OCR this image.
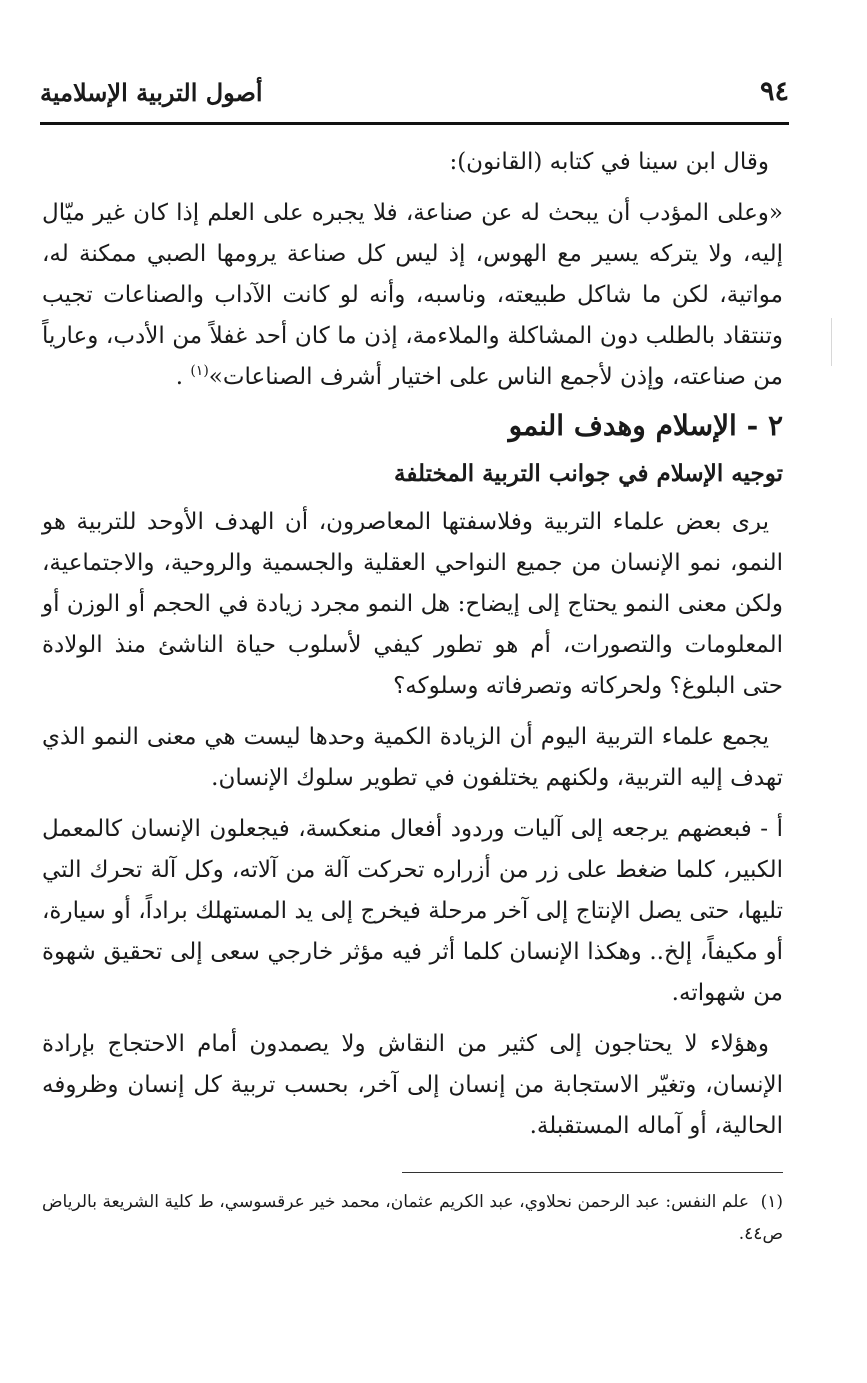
٩٤
أصول التربية الإسلامية

وقال ابن سينا في كتابه (القانون):

«وعلى المؤدب أن يبحث له عن صناعة، فلا يجبره على العلم إذا كان غير ميّال إليه، ولا يتركه يسير مع الهوس، إذ ليس كل صناعة يرومها الصبي ممكنة له، مواتية، لكن ما شاكل طبيعته، وناسبه، وأنه لو كانت الآداب والصناعات تجيب وتنتقاد بالطلب دون المشاكلة والملاءمة، إذن ما كان أحد غفلاً من الأدب، وعارياً من صناعته، وإذن لأجمع الناس على اختيار أشرف الصناعات»$^{(١)}$ .

٢ - الإسلام وهدف النمو
توجيه الإسلام في جوانب التربية المختلفة

يرى بعض علماء التربية وفلاسفتها المعاصرون، أن الهدف الأوحد للتربية هو النمو، نمو الإنسان من جميع النواحي العقلية والجسمية والروحية، والاجتماعية، ولكن معنى النمو يحتاج إلى إيضاح: هل النمو مجرد زيادة في الحجم أو الوزن أو المعلومات والتصورات، أم هو تطور كيفي لأسلوب حياة الناشئ منذ الولادة حتى البلوغ؟ ولحركاته وتصرفاته وسلوكه؟

يجمع علماء التربية اليوم أن الزيادة الكمية وحدها ليست هي معنى النمو الذي تهدف إليه التربية، ولكنهم يختلفون في تطوير سلوك الإنسان.

أ - فبعضهم يرجعه إلى آليات وردود أفعال منعكسة، فيجعلون الإنسان كالمعمل الكبير، كلما ضغط على زر من أزراره تحركت آلة من آلاته، وكل آلة تحرك التي تليها، حتى يصل الإنتاج إلى آخر مرحلة فيخرج إلى يد المستهلك براداً، أو سيارة، أو مكيفاً، إلخ.. وهكذا الإنسان كلما أثر فيه مؤثر خارجي سعى إلى تحقيق شهوة من شهواته.

وهؤلاء لا يحتاجون إلى كثير من النقاش ولا يصمدون أمام الاحتجاج بإرادة الإنسان، وتغيّر الاستجابة من إنسان إلى آخر، بحسب تربية كل إنسان وظروفه الحالية، أو آماله المستقبلة.

(١) علم النفس: عبد الرحمن نحلاوي، عبد الكريم عثمان، محمد خير عرقسوسي، ط كلية الشريعة بالرياض ص٤٤.
